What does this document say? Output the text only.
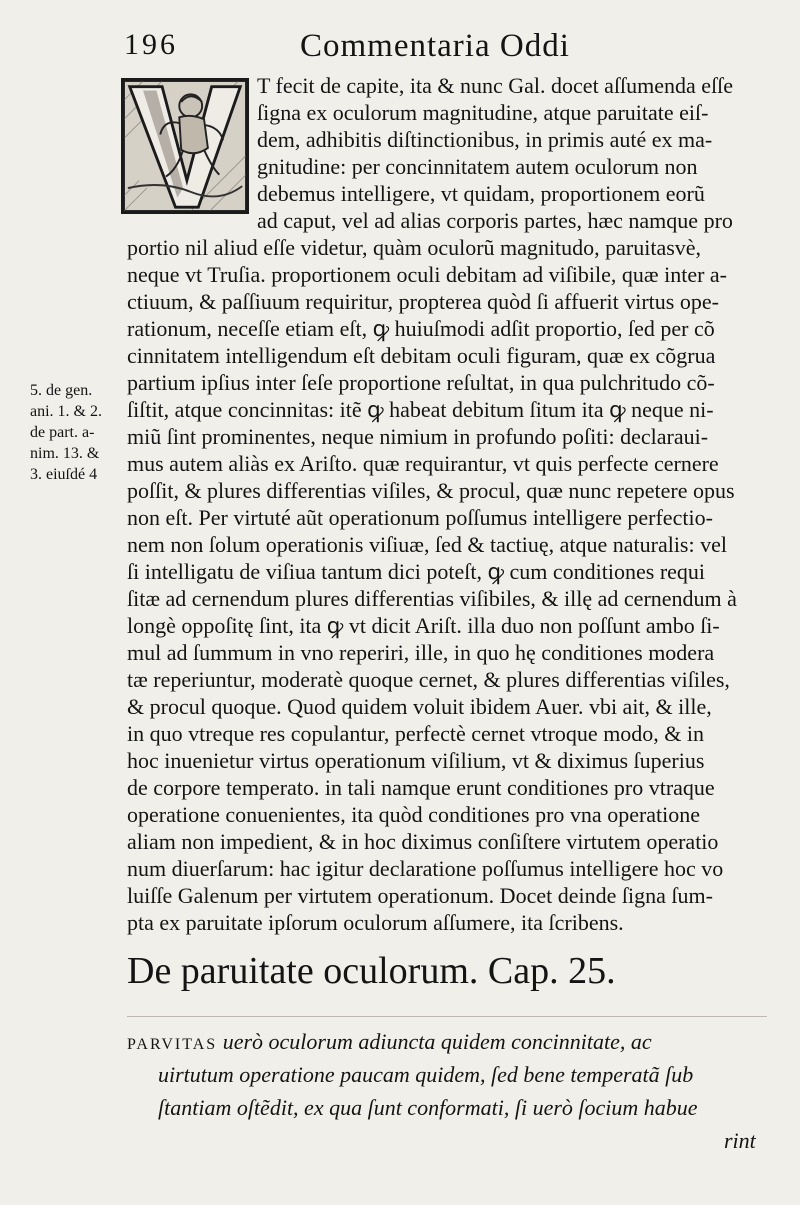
196	Commentaria Oddi
T fecit de capite, ita & nunc Gal. docet aſſumenda eſſe
ſigna ex oculorum magnitudine, atque paruitate eiſ-
dem, adhibitis diſtinctionibus, in primis auté ex ma-
gnitudine: per concinnitatem autem oculorum non
debemus intelligere, vt quidam, proportionem eorũ
ad caput, vel ad alias corporis partes, hæc namque pro
portio nil aliud eſſe videtur, quàm oculorũ magnitudo, paruitasvè,
neque vt Truſia. proportionem oculi debitam ad viſibile, quæ inter a-
ctiuum, & paſſiuum requiritur, propterea quòd ſi affuerit virtus ope-
rationum, neceſſe etiam eſt, ꝙ huiuſmodi adſit proportio, ſed per cõ
cinnitatem intelligendum eſt debitam oculi figuram, quæ ex cõgrua
partium ipſius inter ſeſe proportione reſultat, in qua pulchritudo cõ-
ſiſtit, atque concinnitas: itẽ ꝙ habeat debitum ſitum ita ꝙ neque ni-
miũ ſint prominentes, neque nimium in profundo poſiti: declaraui-
mus autem aliàs ex Ariſto. quæ requirantur, vt quis perfecte cernere
poſſit, & plures differentias viſiles, & procul, quæ nunc repetere opus
non eſt. Per virtuté aũt operationum poſſumus intelligere perfectio-
nem non ſolum operationis viſiuæ, ſed & tactiuę, atque naturalis: vel
ſi intelligatu de viſiua tantum dici poteſt, ꝙ cum conditiones requi
ſitæ ad cernendum plures differentias viſibiles, & illę ad cernendum à
longè oppoſitę ſint, ita ꝙ vt dicit Ariſt. illa duo non poſſunt ambo ſi-
mul ad ſummum in vno reperiri, ille, in quo hę conditiones modera
tæ reperiuntur, moderatè quoque cernet, & plures differentias viſiles,
& procul quoque. Quod quidem voluit ibidem Auer. vbi ait, & ille,
in quo vtreque res copulantur, perfectè cernet vtroque modo, & in
hoc inuenietur virtus operationum viſilium, vt & diximus ſuperius
de corpore temperato. in tali namque erunt conditiones pro vtraque
operatione conuenientes, ita quòd conditiones pro vna operatione
aliam non impedient, & in hoc diximus conſiſtere virtutem operatio
num diuerſarum: hac igitur declaratione poſſumus intelligere hoc vo
luiſſe Galenum per virtutem operationum. Docet deinde ſigna ſum-
pta ex paruitate ipſorum oculorum aſſumere, ita ſcribens.
5. de gen.
ani. 1. & 2.
de part. a-
nim. 13. &
3. eiuſdé 4
De paruitate oculorum. Cap. 25.
PARVITAS uerò oculorum adiuncta quidem concinnitate, ac
uirtutum operatione paucam quidem, ſed bene temperatã ſub
ſtantiam oſtẽdit, ex qua ſunt conformati, ſi uerò ſocium habue
rint
